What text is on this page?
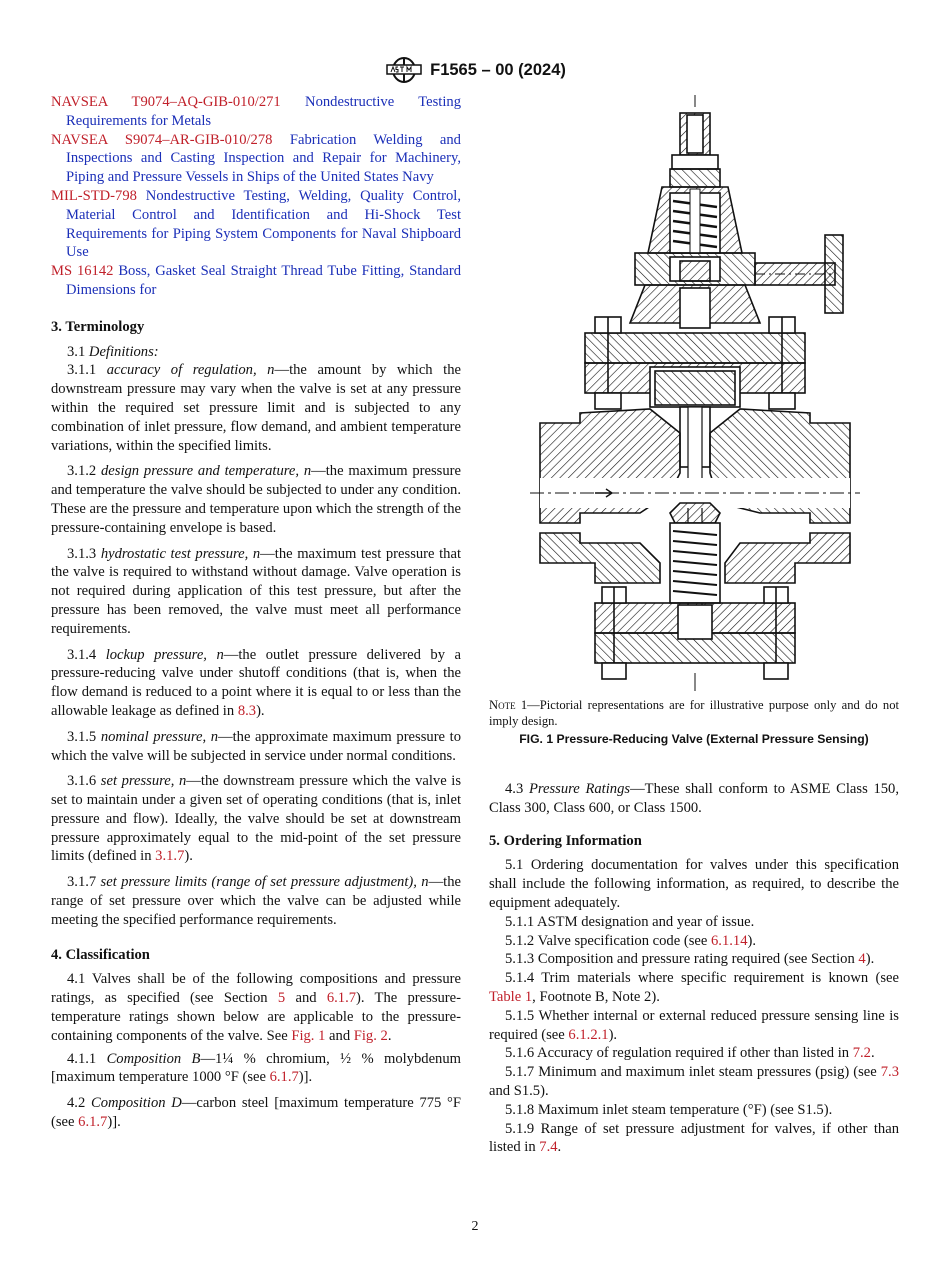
F1565 – 00 (2024)

NAVSEA T9074–AQ-GIB-010/271 Nondestructive Testing Requirements for Metals

NAVSEA S9074–AR-GIB-010/278 Fabrication Welding and Inspections and Casting Inspection and Repair for Machinery, Piping and Pressure Vessels in Ships of the United States Navy

MIL-STD-798 Nondestructive Testing, Welding, Quality Control, Material Control and Identification and Hi-Shock Test Requirements for Piping System Components for Naval Shipboard Use

MS 16142 Boss, Gasket Seal Straight Thread Tube Fitting, Standard Dimensions for

3. Terminology

3.1 Definitions:

3.1.1 accuracy of regulation, n—the amount by which the downstream pressure may vary when the valve is set at any pressure within the required set pressure limit and is subjected to any combination of inlet pressure, flow demand, and ambient temperature variations, within the specified limits.

3.1.2 design pressure and temperature, n—the maximum pressure and temperature the valve should be subjected to under any condition. These are the pressure and temperature upon which the strength of the pressure-containing envelope is based.

3.1.3 hydrostatic test pressure, n—the maximum test pressure that the valve is required to withstand without damage. Valve operation is not required during application of this test pressure, but after the pressure has been removed, the valve must meet all performance requirements.

3.1.4 lockup pressure, n—the outlet pressure delivered by a pressure-reducing valve under shutoff conditions (that is, when the flow demand is reduced to a point where it is equal to or less than the allowable leakage as defined in 8.3).

3.1.5 nominal pressure, n—the approximate maximum pressure to which the valve will be subjected in service under normal conditions.

3.1.6 set pressure, n—the downstream pressure which the valve is set to maintain under a given set of operating conditions (that is, inlet pressure and flow). Ideally, the valve should be set at downstream pressure approximately equal to the mid-point of the set pressure limits (defined in 3.1.7).

3.1.7 set pressure limits (range of set pressure adjustment), n—the range of set pressure over which the valve can be adjusted while meeting the specified performance requirements.

4. Classification

4.1 Valves shall be of the following compositions and pressure ratings, as specified (see Section 5 and 6.1.7). The pressure-temperature ratings shown below are applicable to the pressure-containing components of the valve. See Fig. 1 and Fig. 2.

4.1.1 Composition B—1¼ % chromium, ½ % molybdenum [maximum temperature 1000 °F (see 6.1.7)].

4.2 Composition D—carbon steel [maximum temperature 775 °F (see 6.1.7)].

Note 1—Pictorial representations are for illustrative purpose only and do not imply design.
FIG. 1 Pressure-Reducing Valve (External Pressure Sensing)

4.3 Pressure Ratings—These shall conform to ASME Class 150, Class 300, Class 600, or Class 1500.

5. Ordering Information

5.1 Ordering documentation for valves under this specification shall include the following information, as required, to describe the equipment adequately.

5.1.1 ASTM designation and year of issue.

5.1.2 Valve specification code (see 6.1.14).

5.1.3 Composition and pressure rating required (see Section 4).

5.1.4 Trim materials where specific requirement is known (see Table 1, Footnote B, Note 2).

5.1.5 Whether internal or external reduced pressure sensing line is required (see 6.1.2.1).

5.1.6 Accuracy of regulation required if other than listed in 7.2.

5.1.7 Minimum and maximum inlet steam pressures (psig) (see 7.3 and S1.5).

5.1.8 Maximum inlet steam temperature (°F) (see S1.5).

5.1.9 Range of set pressure adjustment for valves, if other than listed in 7.4.

2
